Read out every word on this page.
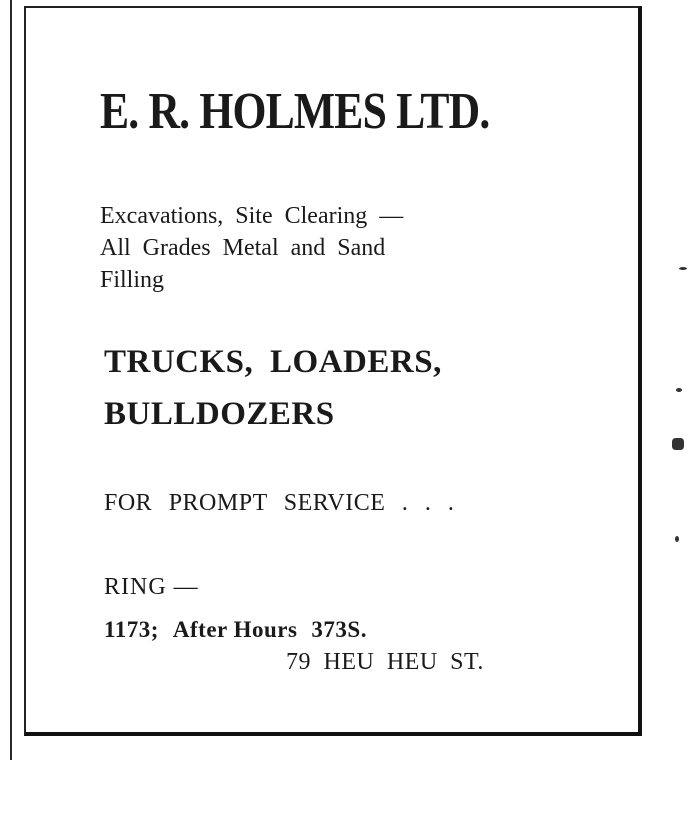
E. R. HOLMES LTD.
Excavations, Site Clearing —
All Grades Metal and Sand
Filling
TRUCKS, LOADERS,
BULLDOZERS
FOR PROMPT SERVICE . . .
RING —
1173; After Hours 373S.
79 HEU HEU ST.
